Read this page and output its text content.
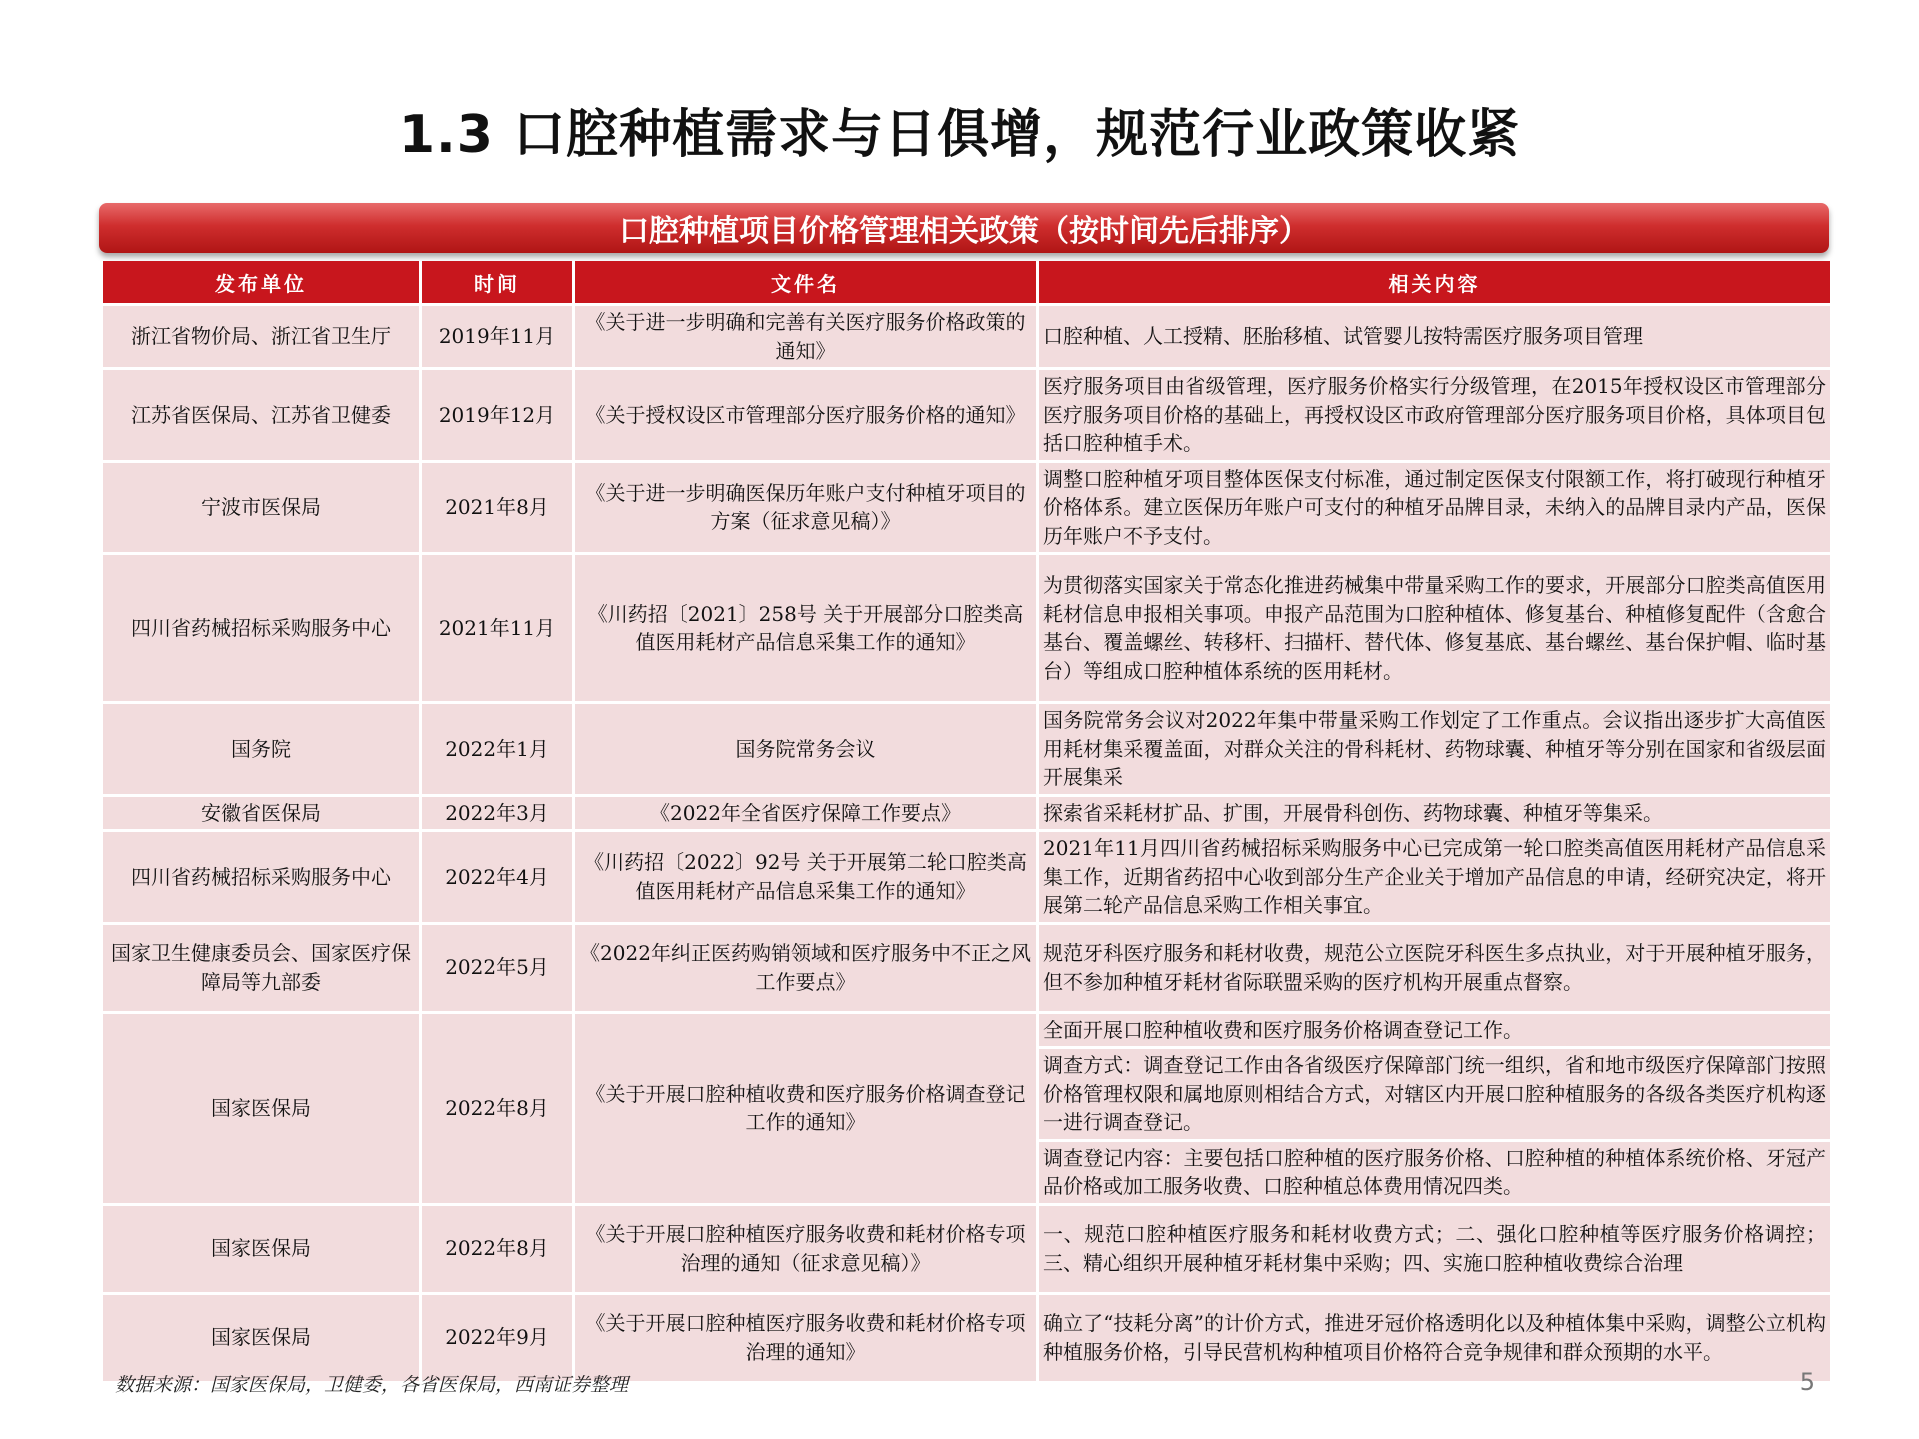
1.3 口腔种植需求与日俱增，规范行业政策收紧
口腔种植项目价格管理相关政策（按时间先后排序）
发布单位	时间	文件名	相关内容
浙江省物价局、浙江省卫生厅	2019年11月	《关于进一步明确和完善有关医疗服务价格政策的通知》	口腔种植、人工授精、胚胎移植、试管婴儿按特需医疗服务项目管理
江苏省医保局、江苏省卫健委	2019年12月	《关于授权设区市管理部分医疗服务价格的通知》	医疗服务项目由省级管理，医疗服务价格实行分级管理，在2015年授权设区市管理部分医疗服务项目价格的基础上，再授权设区市政府管理部分医疗服务项目价格，具体项目包括口腔种植手术。
宁波市医保局	2021年8月	《关于进一步明确医保历年账户支付种植牙项目的方案（征求意见稿）》	调整口腔种植牙项目整体医保支付标准，通过制定医保支付限额工作，将打破现行种植牙价格体系。建立医保历年账户可支付的种植牙品牌目录，未纳入的品牌目录内产品，医保历年账户不予支付。
四川省药械招标采购服务中心	2021年11月	《川药招〔2021〕258号 关于开展部分口腔类高值医用耗材产品信息采集工作的通知》	为贯彻落实国家关于常态化推进药械集中带量采购工作的要求，开展部分口腔类高值医用耗材信息申报相关事项。申报产品范围为口腔种植体、修复基台、种植修复配件（含愈合基台、覆盖螺丝、转移杆、扫描杆、替代体、修复基底、基台螺丝、基台保护帽、临时基台）等组成口腔种植体系统的医用耗材。
国务院	2022年1月	国务院常务会议	国务院常务会议对2022年集中带量采购工作划定了工作重点。会议指出逐步扩大高值医用耗材集采覆盖面，对群众关注的骨科耗材、药物球囊、种植牙等分别在国家和省级层面开展集采
安徽省医保局	2022年3月	《2022年全省医疗保障工作要点》	探索省采耗材扩品、扩围，开展骨科创伤、药物球囊、种植牙等集采。
四川省药械招标采购服务中心	2022年4月	《川药招〔2022〕92号 关于开展第二轮口腔类高值医用耗材产品信息采集工作的通知》	2021年11月四川省药械招标采购服务中心已完成第一轮口腔类高值医用耗材产品信息采集工作，近期省药招中心收到部分生产企业关于增加产品信息的申请，经研究决定，将开展第二轮产品信息采购工作相关事宜。
国家卫生健康委员会、国家医疗保障局等九部委	2022年5月	《2022年纠正医药购销领域和医疗服务中不正之风工作要点》	规范牙科医疗服务和耗材收费，规范公立医院牙科医生多点执业，对于开展种植牙服务，但不参加种植牙耗材省际联盟采购的医疗机构开展重点督察。
国家医保局	2022年8月	《关于开展口腔种植收费和医疗服务价格调查登记工作的通知》	全面开展口腔种植收费和医疗服务价格调查登记工作。
			调查方式：调查登记工作由各省级医疗保障部门统一组织，省和地市级医疗保障部门按照价格管理权限和属地原则相结合方式，对辖区内开展口腔种植服务的各级各类医疗机构逐一进行调查登记。
			调查登记内容：主要包括口腔种植的医疗服务价格、口腔种植的种植体系统价格、牙冠产品价格或加工服务收费、口腔种植总体费用情况四类。
国家医保局	2022年8月	《关于开展口腔种植医疗服务收费和耗材价格专项治理的通知（征求意见稿）》	一、规范口腔种植医疗服务和耗材收费方式；二、强化口腔种植等医疗服务价格调控；三、精心组织开展种植牙耗材集中采购；四、实施口腔种植收费综合治理
国家医保局	2022年9月	《关于开展口腔种植医疗服务收费和耗材价格专项治理的通知》	确立了“技耗分离”的计价方式，推进牙冠价格透明化以及种植体集中采购，调整公立机构种植服务价格，引导民营机构种植项目价格符合竞争规律和群众预期的水平。
数据来源：国家医保局，卫健委，各省医保局，西南证券整理	5
